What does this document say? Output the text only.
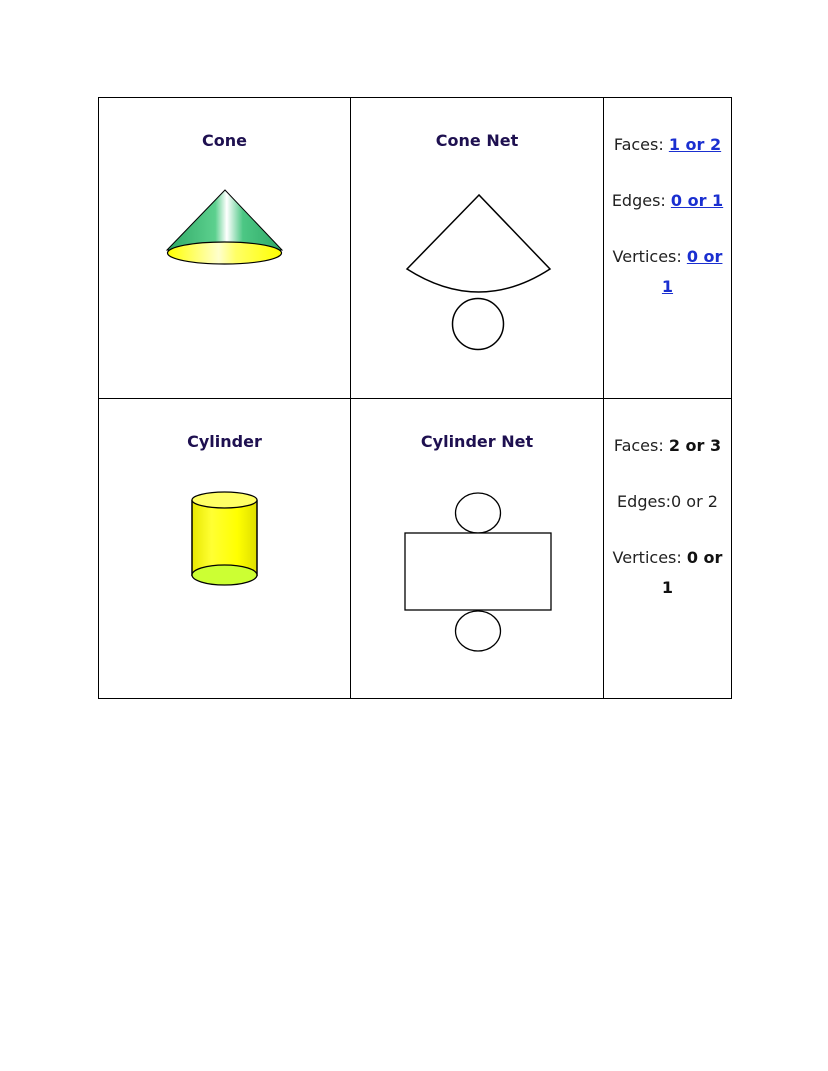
Cone	Cone Net	Faces: 1 or 2

Edges: 0 or 1

Vertices: 0 or 1

Cylinder	Cylinder Net	Faces: 2 or 3

Edges:0 or 2

Vertices: 0 or 1
